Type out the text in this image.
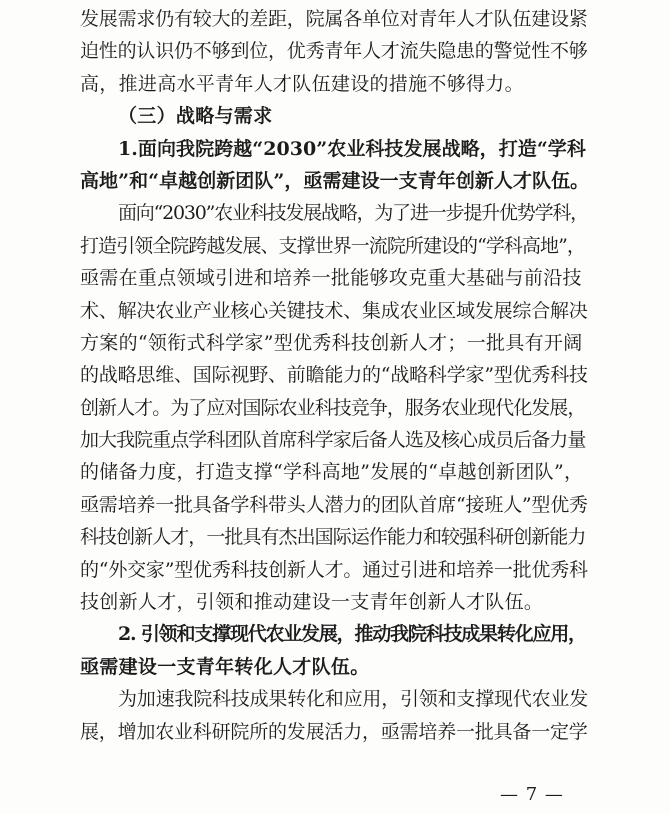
发展需求仍有较大的差距，院属各单位对青年人才队伍建设紧
迫性的认识仍不够到位，优秀青年人才流失隐患的警觉性不够
高，推进高水平青年人才队伍建设的措施不够得力。
（三）战略与需求
1.面向我院跨越“2030”农业科技发展战略，打造“学科
高地”和“卓越创新团队”，亟需建设一支青年创新人才队伍。
面向“2030”农业科技发展战略，为了进一步提升优势学科，
打造引领全院跨越发展、支撑世界一流院所建设的“学科高地”，
亟需在重点领域引进和培养一批能够攻克重大基础与前沿技
术、解决农业产业核心关键技术、集成农业区域发展综合解决
方案的“领衔式科学家”型优秀科技创新人才；一批具有开阔
的战略思维、国际视野、前瞻能力的“战略科学家”型优秀科技
创新人才。为了应对国际农业科技竞争，服务农业现代化发展，
加大我院重点学科团队首席科学家后备人选及核心成员后备力量
的储备力度，打造支撑“学科高地”发展的“卓越创新团队”，
亟需培养一批具备学科带头人潜力的团队首席“接班人”型优秀
科技创新人才，一批具有杰出国际运作能力和较强科研创新能力
的“外交家”型优秀科技创新人才。通过引进和培养一批优秀科
技创新人才，引领和推动建设一支青年创新人才队伍。
2. 引领和支撑现代农业发展，推动我院科技成果转化应用，
亟需建设一支青年转化人才队伍。
为加速我院科技成果转化和应用，引领和支撑现代农业发
展，增加农业科研院所的发展活力，亟需培养一批具备一定学
— 7 —
